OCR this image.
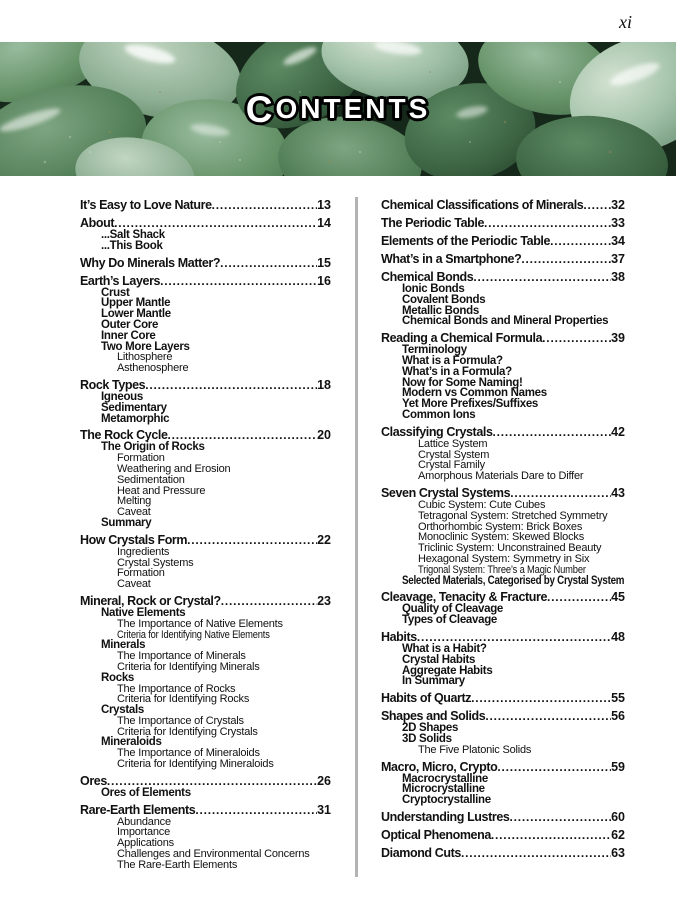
xi
C ONTENTS
It’s Easy to Love Nature .....	13
About .....	14
...Salt Shack
...This Book
Why Do Minerals Matter? .....	15
Earth’s Layers .....	16
Crust
Upper Mantle
Lower Mantle
Outer Core
Inner Core
Two More Layers
Lithosphere
Asthenosphere
Rock Types .....	18
Igneous
Sedimentary
Metamorphic
The Rock Cycle .....	20
The Origin of Rocks
Formation
Weathering and Erosion
Sedimentation
Heat and Pressure
Melting
Caveat
Summary
How Crystals Form .....	22
Ingredients
Crystal Systems
Formation
Caveat
Mineral, Rock or Crystal? .....	23
Native Elements
The Importance of Native Elements
Criteria for Identifying Native Elements
Minerals
The Importance of Minerals
Criteria for Identifying Minerals
Rocks
The Importance of Rocks
Criteria for Identifying Rocks
Crystals
The Importance of Crystals
Criteria for Identifying Crystals
Mineraloids
The Importance of Mineraloids
Criteria for Identifying Mineraloids
Ores .....	26
Ores of Elements
Rare-Earth Elements .....	31
Abundance
Importance
Applications
Challenges and Environmental Concerns
The Rare-Earth Elements
Chemical Classifications of Minerals ..... 32
The Periodic Table .....	33
Elements of the Periodic Table .....	34
What’s in a Smartphone? .....	37
Chemical Bonds .....	38
Ionic Bonds
Covalent Bonds
Metallic Bonds
Chemical Bonds and Mineral Properties
Reading a Chemical Formula .....	39
Terminology
What is a Formula?
What’s in a Formula?
Now for Some Naming!
Modern vs Common Names
Yet More Prefixes/Suffixes
Common Ions
Classifying Crystals .....	42
Lattice System
Crystal System
Crystal Family
Amorphous Materials Dare to Differ
Seven Crystal Systems .....	43
Cubic System: Cute Cubes
Tetragonal System: Stretched Symmetry
Orthorhombic System: Brick Boxes
Monoclinic System: Skewed Blocks
Triclinic System: Unconstrained Beauty
Hexagonal System: Symmetry in Six
Trigonal System: Three’s a Magic Number
Selected Materials, Categorised by Crystal System
Cleavage, Tenacity & Fracture .....	45
Quality of Cleavage
Types of Cleavage
Habits .....	48
What is a Habit?
Crystal Habits
Aggregate Habits
In Summary
Habits of Quartz .....	55
Shapes and Solids .....	56
2D Shapes
3D Solids
The Five Platonic Solids
Macro, Micro, Crypto .....	59
Macrocrystalline
Microcrystalline
Cryptocrystalline
Understanding Lustres .....	60
Optical Phenomena .....	62
Diamond Cuts .....	63
